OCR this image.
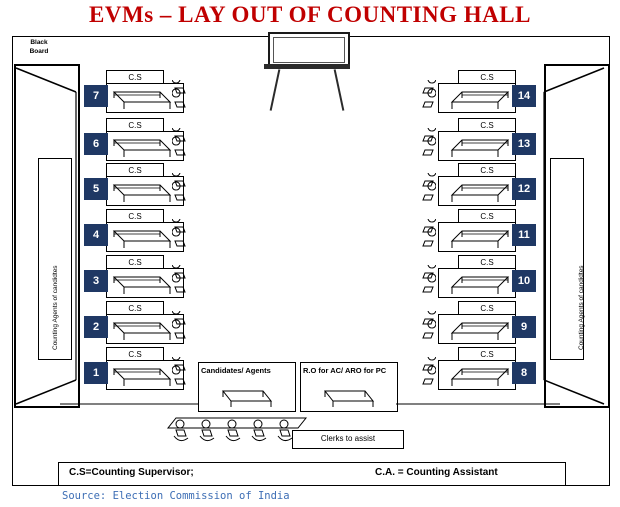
EVMs – LAY OUT OF COUNTING HALL
Black
Board
Counting Agents of candidtes	Counting Agents of candidtes
C.S
7
C.S
6
C.S
5
C.S
4
C.S
3
C.S
2
C.S
1
C.S
14
C.S
13
C.S
12
C.S
11
C.S
10
C.S
9
C.S
8
Candidates/ Agents	R.O for AC/ ARO for PC
Clerks to assist
C.S=Counting Supervisor;	C.A. = Counting Assistant
Source: Election Commission of India
